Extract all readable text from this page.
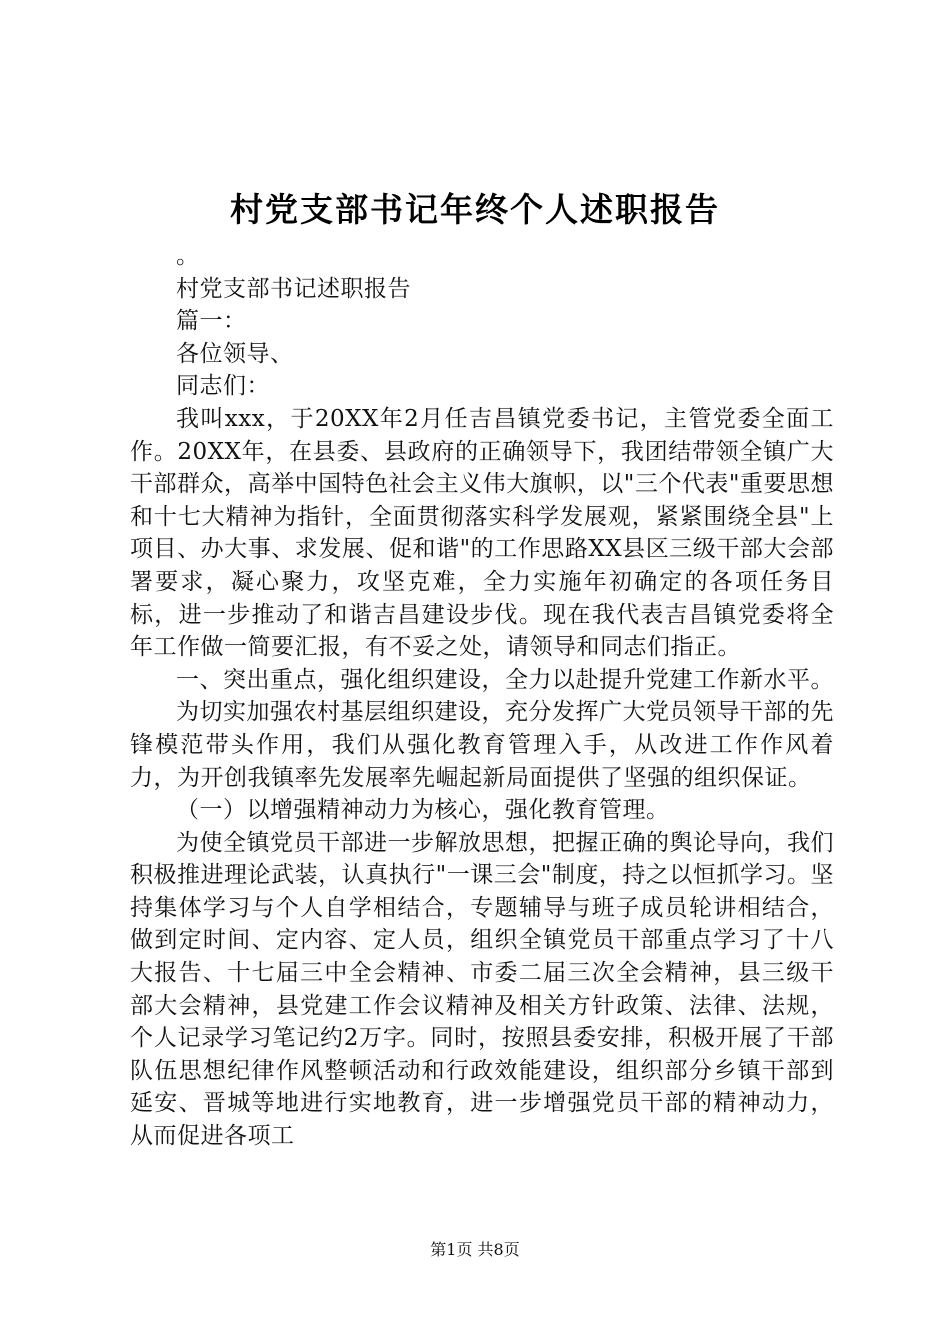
村党支部书记年终个人述职报告

。

村党支部书记述职报告

篇一：

各位领导、

同志们：

我叫xxx，于20XX年2月任吉昌镇党委书记，主管党委全面工作。20XX年，在县委、县政府的正确领导下，我团结带领全镇广大干部群众，高举中国特色社会主义伟大旗帜，以"三个代表"重要思想和十七大精神为指针，全面贯彻落实科学发展观，紧紧围绕全县"上项目、办大事、求发展、促和谐"的工作思路XX县区三级干部大会部署要求，凝心聚力，攻坚克难，全力实施年初确定的各项任务目标，进一步推动了和谐吉昌建设步伐。现在我代表吉昌镇党委将全年工作做一简要汇报，有不妥之处，请领导和同志们指正。

一、突出重点，强化组织建设，全力以赴提升党建工作新水平。

为切实加强农村基层组织建设，充分发挥广大党员领导干部的先锋模范带头作用，我们从强化教育管理入手，从改进工作作风着力，为开创我镇率先发展率先崛起新局面提供了坚强的组织保证。

（一）以增强精神动力为核心，强化教育管理。

为使全镇党员干部进一步解放思想，把握正确的舆论导向，我们积极推进理论武装，认真执行"一课三会"制度，持之以恒抓学习。坚持集体学习与个人自学相结合，专题辅导与班子成员轮讲相结合，做到定时间、定内容、定人员，组织全镇党员干部重点学习了十八大报告、十七届三中全会精神、市委二届三次全会精神，县三级干部大会精神，县党建工作会议精神及相关方针政策、法律、法规，个人记录学习笔记约2万字。同时，按照县委安排，积极开展了干部队伍思想纪律作风整顿活动和行政效能建设，组织部分乡镇干部到延安、晋城等地进行实地教育，进一步增强党员干部的精神动力，从而促进各项工

第1页 共8页
